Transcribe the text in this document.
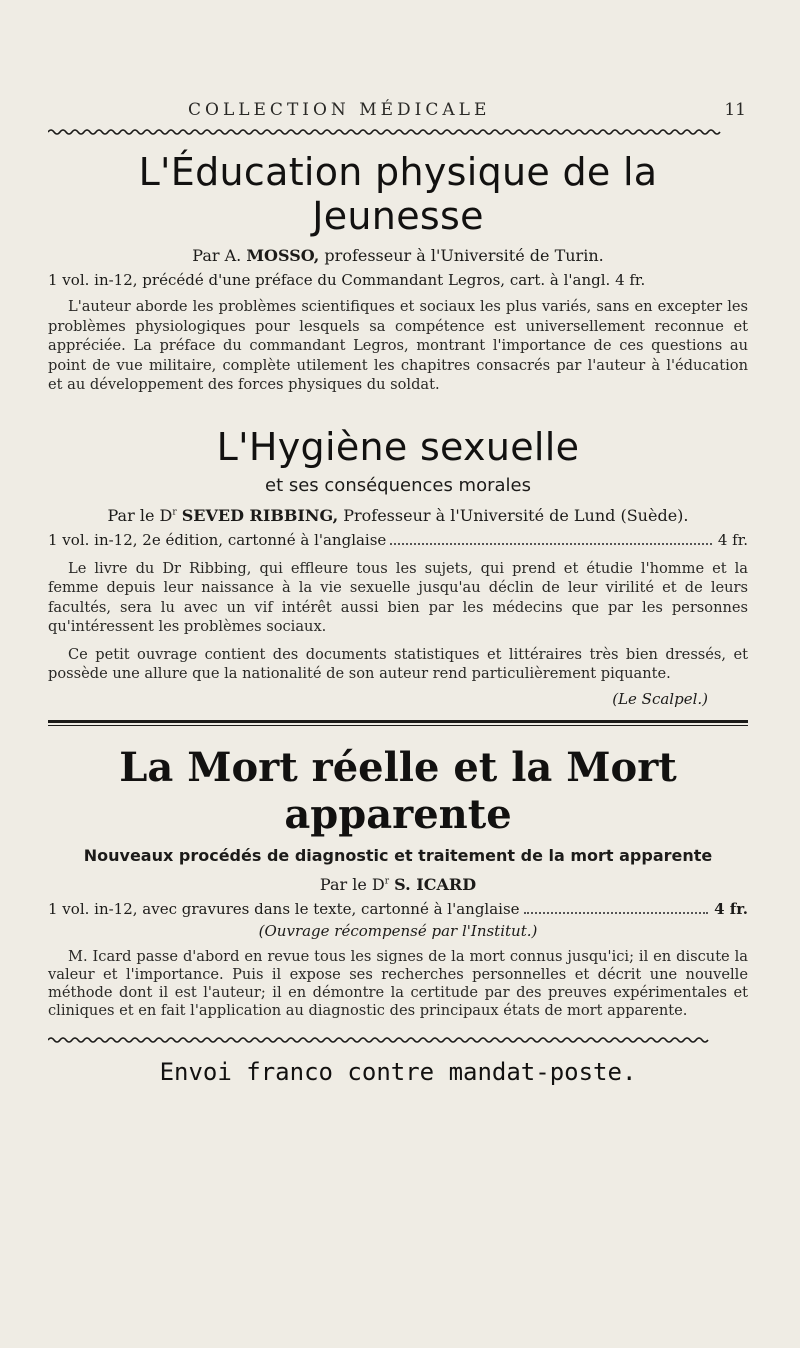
COLLECTION MÉDICALE	11
L'Éducation physique de la Jeunesse
Par A. MOSSO, professeur à l'Université de Turin.
1 vol. in-12, précédé d'une préface du Commandant Legros, cart. à l'angl. 4 fr.

L'auteur aborde les problèmes scientifiques et sociaux les plus variés, sans en excepter les problèmes physiologiques pour lesquels sa compétence est universellement reconnue et appréciée. La préface du commandant Legros, montrant l'importance de ces questions au point de vue militaire, complète utilement les chapitres consacrés par l'auteur à l'éducation et au développement des forces physiques du soldat.

L'Hygiène sexuelle
et ses conséquences morales
Par le $D^r$ SEVED RIBBING, Professeur à l'Université de Lund (Suède).
1 vol. in-12, 2e édition, cartonné à l'anglaise	4 fr.

Le livre du Dr Ribbing, qui effleure tous les sujets, qui prend et étudie l'homme et la femme depuis leur naissance à la vie sexuelle jusqu'au déclin de leur virilité et de leurs facultés, sera lu avec un vif intérêt aussi bien par les médecins que par les personnes qu'intéressent les problèmes sociaux.

Ce petit ouvrage contient des documents statistiques et littéraires très bien dressés, et possède une allure que la nationalité de son auteur rend particulièrement piquante.

(Le Scalpel.)
La Mort réelle et la Mort apparente
Nouveaux procédés de diagnostic et traitement de la mort apparente
Par le $D^r$ S. ICARD
1 vol. in-12, avec gravures dans le texte, cartonné à l'anglaise	4 fr.
(Ouvrage récompensé par l'Institut.)

M. Icard passe d'abord en revue tous les signes de la mort connus jusqu'ici; il en discute la valeur et l'importance. Puis il expose ses recherches personnelles et décrit une nouvelle méthode dont il est l'auteur; il en démontre la certitude par des preuves expérimentales et cliniques et en fait l'application au diagnostic des principaux états de mort apparente.

Envoi franco contre mandat-poste.
